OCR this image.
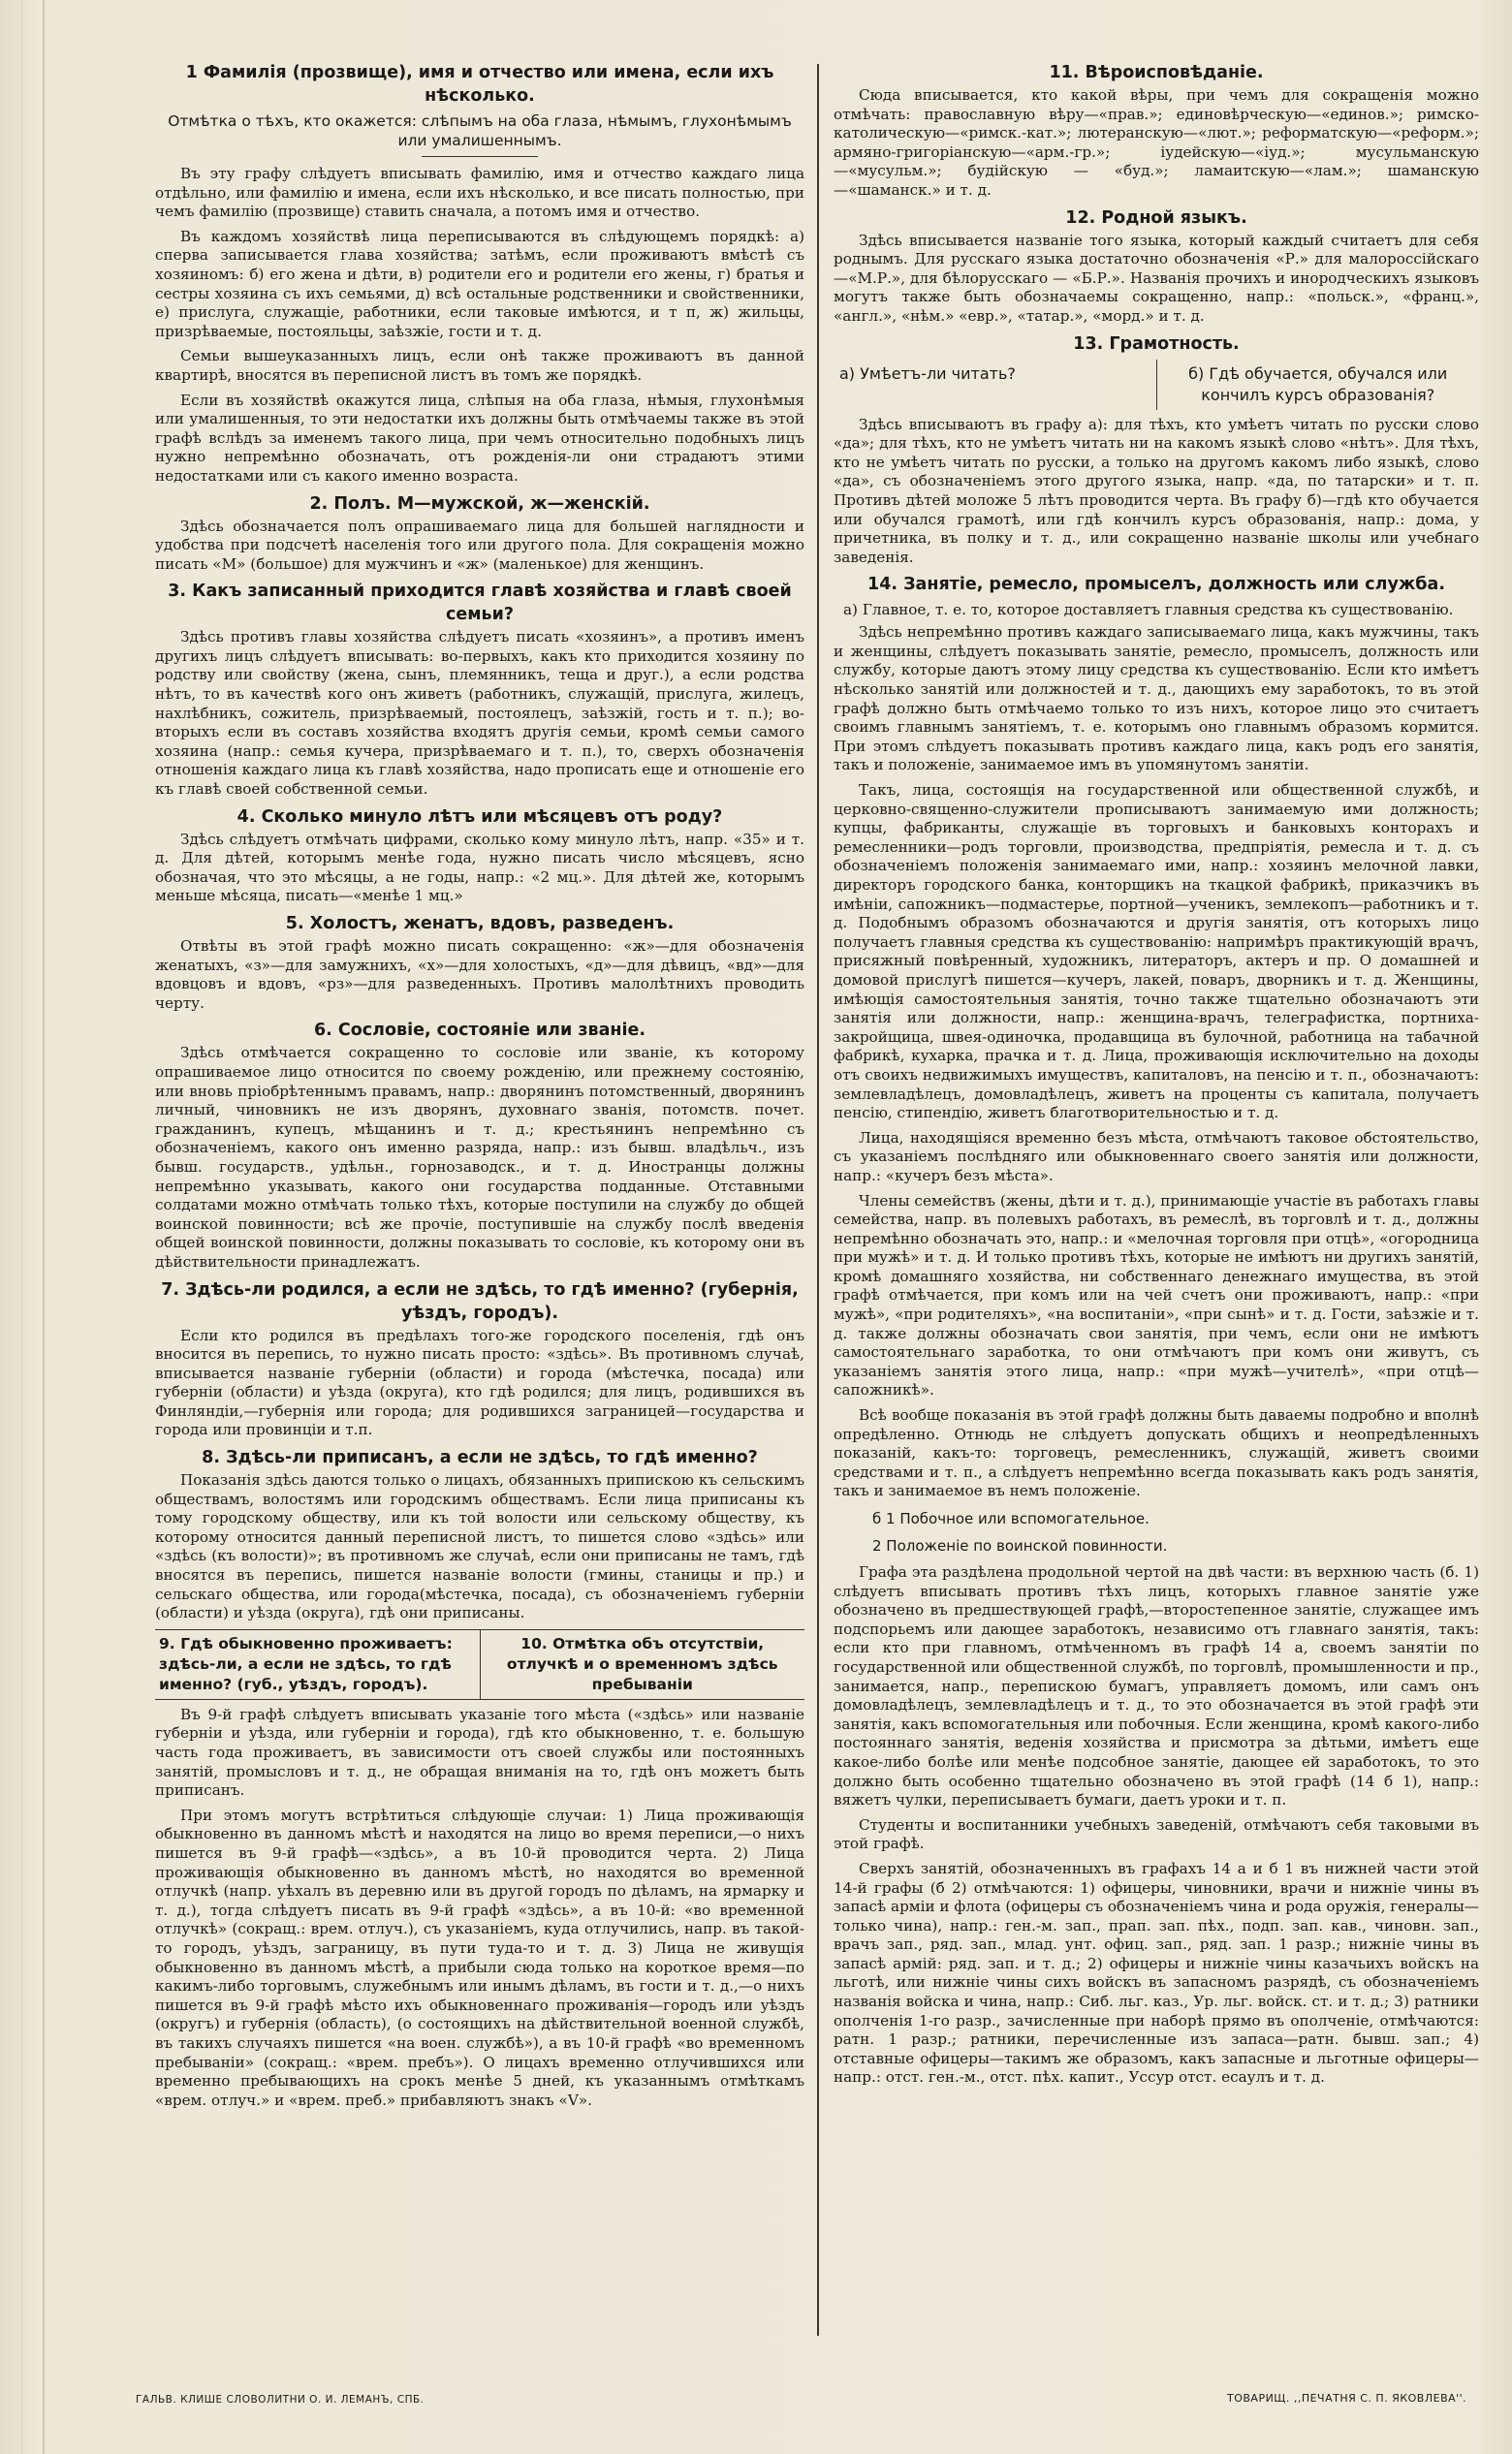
1 Фамилія (прозвище), имя и отчество или имена, если ихъ нѣсколько.
Отмѣтка о тѣхъ, кто окажется: слѣпымъ на оба глаза, нѣмымъ, глухонѣмымъ или умалишеннымъ.
Въ эту графу слѣдуетъ вписывать фамилію, имя и отчество каждаго лица отдѣльно, или фамилію и имена, если ихъ нѣсколько, и все писать полностью, при чемъ фамилію (прозвище) ставить сначала, а потомъ имя и отчество.
Въ каждомъ хозяйствѣ лица переписываются въ слѣдующемъ порядкѣ: а) сперва записывается глава хозяйства; затѣмъ, если проживаютъ вмѣстѣ съ хозяиномъ: б) его жена и дѣти, в) родители его и родители его жены, г) братья и сестры хозяина съ ихъ семьями, д) всѣ остальные родственники и свойственники, е) прислуга, служащіе, работники, если таковые имѣются, и т п, ж) жильцы, призрѣваемые, постояльцы, заѣзжіе, гости и т. д.
Семьи вышеуказанныхъ лицъ, если онѣ также проживаютъ въ данной квартирѣ, вносятся въ переписной листъ въ томъ же порядкѣ.
Если въ хозяйствѣ окажутся лица, слѣпыя на оба глаза, нѣмыя, глухонѣмыя или умалишенныя, то эти недостатки ихъ должны быть отмѣчаемы также въ этой графѣ вслѣдъ за именемъ такого лица, при чемъ относительно подобныхъ лицъ нужно непремѣнно обозначать, отъ рожденія-ли они страдаютъ этими недостатками или съ какого именно возраста.
2. Полъ. М—мужской, ж—женскій.
Здѣсь обозначается полъ опрашиваемаго лица для большей наглядности и удобства при подсчетѣ населенія того или другого пола. Для сокращенія можно писать «М» (большое) для мужчинъ и «ж» (маленькое) для женщинъ.
3. Какъ записанный приходится главѣ хозяйства и главѣ своей семьи?
Здѣсь противъ главы хозяйства слѣдуетъ писать «хозяинъ», а противъ именъ другихъ лицъ слѣдуетъ вписывать: во-первыхъ, какъ кто приходится хозяину по родству или свойству (жена, сынъ, племянникъ, теща и друг.), а если родства нѣтъ, то въ качествѣ кого онъ живетъ (работникъ, служащій, прислуга, жилецъ, нахлѣбникъ, сожитель, призрѣваемый, постоялецъ, заѣзжій, гость и т. п.); во-вторыхъ если въ составъ хозяйства входятъ другія семьи, кромѣ семьи самого хозяина (напр.: семья кучера, призрѣваемаго и т. п.), то, сверхъ обозначенія отношенія каждаго лица къ главѣ хозяйства, надо прописать еще и отношеніе его къ главѣ своей собственной семьи.
4. Сколько минуло лѣтъ или мѣсяцевъ отъ роду?
Здѣсь слѣдуетъ отмѣчать цифрами, сколько кому минуло лѣтъ, напр. «35» и т. д. Для дѣтей, которымъ менѣе года, нужно писать число мѣсяцевъ, ясно обозначая, что это мѣсяцы, а не годы, напр.: «2 мц.». Для дѣтей же, которымъ меньше мѣсяца, писать—«менѣе 1 мц.»
5. Холостъ, женатъ, вдовъ, разведенъ.
Отвѣты въ этой графѣ можно писать сокращенно: «ж»—для обозначенія женатыхъ, «з»—для замужнихъ, «х»—для холостыхъ, «д»—для дѣвицъ, «вд»—для вдовцовъ и вдовъ, «рз»—для разведенныхъ. Противъ малолѣтнихъ проводить черту.
6. Сословіе, состояніе или званіе.
Здѣсь отмѣчается сокращенно то сословіе или званіе, къ которому опрашиваемое лицо относится по своему рожденію, или прежнему состоянію, или вновь пріобрѣтеннымъ правамъ, напр.: дворянинъ потомственный, дворянинъ личный, чиновникъ не изъ дворянъ, духовнаго званія, потомств. почет. гражданинъ, купецъ, мѣщанинъ и т. д.; крестьянинъ непремѣнно съ обозначеніемъ, какого онъ именно разряда, напр.: изъ бывш. владѣльч., изъ бывш. государств., удѣльн., горнозаводск., и т. д. Иностранцы должны непремѣнно указывать, какого они государства подданные. Отставными солдатами можно отмѣчать только тѣхъ, которые поступили на службу до общей воинской повинности; всѣ же прочіе, поступившіе на службу послѣ введенія общей воинской повинности, должны показывать то сословіе, къ которому они въ дѣйствительности принадлежатъ.
7. Здѣсь-ли родился, а если не здѣсь, то гдѣ именно? (губернія, уѣздъ, городъ).
Если кто родился въ предѣлахъ того-же городского поселенія, гдѣ онъ вносится въ перепись, то нужно писать просто: «здѣсь». Въ противномъ случаѣ, вписывается названіе губерніи (области) и города (мѣстечка, посада) или губерніи (области) и уѣзда (округа), кто гдѣ родился; для лицъ, родившихся въ Финляндіи,—губернія или города; для родившихся заграницей—государства и города или провинціи и т.п.
8. Здѣсь-ли приписанъ, а если не здѣсь, то гдѣ именно?
Показанія здѣсь даются только о лицахъ, обязанныхъ припискою къ сельскимъ обществамъ, волостямъ или городскимъ обществамъ. Если лица приписаны къ тому городскому обществу, или къ той волости или сельскому обществу, къ которому относится данный переписной листъ, то пишется слово «здѣсь» или «здѣсь (къ волости)»; въ противномъ же случаѣ, если они приписаны не тамъ, гдѣ вносятся въ перепись, пишется названіе волости (гмины, станицы и пр.) и сельскаго общества, или города(мѣстечка, посада), съ обозначеніемъ губерніи (области) и уѣзда (округа), гдѣ они приписаны.
9. Гдѣ обыкновенно проживаетъ: здѣсь-ли, а если не здѣсь, то гдѣ именно? (губ., уѣздъ, городъ).
10. Отмѣтка объ отсутствіи, отлучкѣ и о временномъ здѣсь пребываніи
Въ 9-й графѣ слѣдуетъ вписывать указаніе того мѣста («здѣсь» или названіе губерніи и уѣзда, или губерніи и города), гдѣ кто обыкновенно, т. е. большую часть года проживаетъ, въ зависимости отъ своей службы или постоянныхъ занятій, промысловъ и т. д., не обращая вниманія на то, гдѣ онъ можетъ быть приписанъ.
При этомъ могутъ встрѣтиться слѣдующіе случаи: 1) Лица проживающія обыкновенно въ данномъ мѣстѣ и находятся на лицо во время переписи,—о нихъ пишется въ 9-й графѣ—«здѣсь», а въ 10-й проводится черта. 2) Лица проживающія обыкновенно въ данномъ мѣстѣ, но находятся во временной отлучкѣ (напр. уѣхалъ въ деревню или въ другой городъ по дѣламъ, на ярмарку и т. д.), тогда слѣдуетъ писать въ 9-й графѣ «здѣсь», а въ 10-й: «во временной отлучкѣ» (сокращ.: врем. отлуч.), съ указаніемъ, куда отлучились, напр. въ такой-то городъ, уѣздъ, заграницу, въ пути туда-то и т. д. 3) Лица не живущія обыкновенно въ данномъ мѣстѣ, а прибыли сюда только на короткое время—по какимъ-либо торговымъ, служебнымъ или инымъ дѣламъ, въ гости и т. д.,—о нихъ пишется въ 9-й графѣ мѣсто ихъ обыкновеннаго проживанія—городъ или уѣздъ (округъ) и губернія (область), (о состоящихъ на дѣйствительной военной службѣ, въ такихъ случаяхъ пишется «на воен. службѣ»), а въ 10-й графѣ «во временномъ пребываніи» (сокращ.: «врем. пребъ»). О лицахъ временно отлучившихся или временно пребывающихъ на срокъ менѣе 5 дней, къ указаннымъ отмѣткамъ «врем. отлуч.» и «врем. преб.» прибавляютъ знакъ «V».
11. Вѣроисповѣданіе.
Сюда вписывается, кто какой вѣры, при чемъ для сокращенія можно отмѣчать: православную вѣру—«прав.»; единовѣрческую—«единов.»; римско-католическую—«римск.-кат.»; лютеранскую—«лют.»; реформатскую—«реформ.»; армяно-григоріанскую—«арм.-гр.»; іудейскую—«іуд.»; мусульманскую—«мусульм.»; будійскую — «буд.»; ламаитскую—«лам.»; шаманскую—«шаманск.» и т. д.
12. Родной языкъ.
Здѣсь вписывается названіе того языка, который каждый считаетъ для себя роднымъ. Для русскаго языка достаточно обозначенія «Р.» для малороссійскаго—«М.Р.», для бѣлорусскаго — «Б.Р.». Названія прочихъ и инородческихъ языковъ могутъ также быть обозначаемы сокращенно, напр.: «польск.», «франц.», «англ.», «нѣм.» «евр.», «татар.», «морд.» и т. д.
13. Грамотность.
а) Умѣетъ-ли читать?	б) Гдѣ обучается, обучался или кончилъ курсъ образованія?
Здѣсь вписываютъ въ графу а): для тѣхъ, кто умѣетъ читать по русски слово «да»; для тѣхъ, кто не умѣетъ читать ни на какомъ языкѣ слово «нѣтъ». Для тѣхъ, кто не умѣетъ читать по русски, а только на другомъ какомъ либо языкѣ, слово «да», съ обозначеніемъ этого другого языка, напр. «да, по татарски» и т. п. Противъ дѣтей моложе 5 лѣтъ проводится черта. Въ графу б)—гдѣ кто обучается или обучался грамотѣ, или гдѣ кончилъ курсъ образованія, напр.: дома, у причетника, въ полку и т. д., или сокращенно названіе школы или учебнаго заведенія.
14. Занятіе, ремесло, промыселъ, должность или служба.
а) Главное, т. е. то, которое доставляетъ главныя средства къ существованію.
Здѣсь непремѣнно противъ каждаго записываемаго лица, какъ мужчины, такъ и женщины, слѣдуетъ показывать занятіе, ремесло, промыселъ, должность или службу, которые даютъ этому лицу средства къ существованію. Если кто имѣетъ нѣсколько занятій или должностей и т. д., дающихъ ему заработокъ, то въ этой графѣ должно быть отмѣчаемо только то изъ нихъ, которое лицо это считаетъ своимъ главнымъ занятіемъ, т. е. которымъ оно главнымъ образомъ кормится. При этомъ слѣдуетъ показывать противъ каждаго лица, какъ родъ его занятія, такъ и положеніе, занимаемое имъ въ упомянутомъ занятіи.
Такъ, лица, состоящія на государственной или общественной службѣ, и церковно-священно-служители прописываютъ занимаемую ими должность; купцы, фабриканты, служащіе въ торговыхъ и банковыхъ конторахъ и ремесленники—родъ торговли, производства, предпріятія, ремесла и т. д. съ обозначеніемъ положенія занимаемаго ими, напр.: хозяинъ мелочной лавки, директоръ городского банка, конторщикъ на ткацкой фабрикѣ, приказчикъ въ имѣніи, сапожникъ—подмастерье, портной—ученикъ, землекопъ—работникъ и т. д. Подобнымъ образомъ обозначаются и другія занятія, отъ которыхъ лицо получаетъ главныя средства къ существованію: напримѣръ практикующій врачъ, присяжный повѣренный, художникъ, литераторъ, актеръ и пр. О домашней и домовой прислугѣ пишется—кучеръ, лакей, поваръ, дворникъ и т. д. Женщины, имѣющія самостоятельныя занятія, точно также тщательно обозначаютъ эти занятія или должности, напр.: женщина-врачъ, телеграфистка, портниха-закройщица, швея-одиночка, продавщица въ булочной, работница на табачной фабрикѣ, кухарка, прачка и т. д. Лица, проживающія исключительно на доходы отъ своихъ недвижимыхъ имуществъ, капиталовъ, на пенсію и т. п., обозначаютъ: землевладѣлецъ, домовладѣлецъ, живетъ на проценты съ капитала, получаетъ пенсію, стипендію, живетъ благотворительностью и т. д.
Лица, находящіяся временно безъ мѣста, отмѣчаютъ таковое обстоятельство, съ указаніемъ послѣдняго или обыкновеннаго своего занятія или должности, напр.: «кучеръ безъ мѣста».
Члены семействъ (жены, дѣти и т. д.), принимающіе участіе въ работахъ главы семейства, напр. въ полевыхъ работахъ, въ ремеслѣ, въ торговлѣ и т. д., должны непремѣнно обозначать это, напр.: и «мелочная торговля при отцѣ», «огородница при мужѣ» и т. д. И только противъ тѣхъ, которые не имѣютъ ни другихъ занятій, кромѣ домашняго хозяйства, ни собственнаго денежнаго имущества, въ этой графѣ отмѣчается, при комъ или на чей счетъ они проживаютъ, напр.: «при мужѣ», «при родителяхъ», «на воспитаніи», «при сынѣ» и т. д. Гости, заѣзжіе и т. д. также должны обозначать свои занятія, при чемъ, если они не имѣютъ самостоятельнаго заработка, то они отмѣчаютъ при комъ они живутъ, съ указаніемъ занятія этого лица, напр.: «при мужѣ—учителѣ», «при отцѣ—сапожникѣ».
Всѣ вообще показанія въ этой графѣ должны быть даваемы подробно и вполнѣ опредѣленно. Отнюдь не слѣдуетъ допускать общихъ и неопредѣленныхъ показаній, какъ-то: торговецъ, ремесленникъ, служащій, живетъ своими средствами и т. п., а слѣдуетъ непремѣнно всегда показывать какъ родъ занятія, такъ и занимаемое въ немъ положеніе.
б 1 Побочное или вспомогательное.
2 Положеніе по воинской повинности.
Графа эта раздѣлена продольной чертой на двѣ части: въ верхнюю часть (б. 1) слѣдуетъ вписывать противъ тѣхъ лицъ, которыхъ главное занятіе уже обозначено въ предшествующей графѣ,—второстепенное занятіе, служащее имъ подспорьемъ или дающее заработокъ, независимо отъ главнаго занятія, такъ: если кто при главномъ, отмѣченномъ въ графѣ 14 а, своемъ занятіи по государственной или общественной службѣ, по торговлѣ, промышленности и пр., занимается, напр., перепискою бумагъ, управляетъ домомъ, или самъ онъ домовладѣлецъ, землевладѣлецъ и т. д., то это обозначается въ этой графѣ эти занятія, какъ вспомогательныя или побочныя. Если женщина, кромѣ какого-либо постояннаго занятія, веденія хозяйства и присмотра за дѣтьми, имѣетъ еще какое-либо болѣе или менѣе подсобное занятіе, дающее ей заработокъ, то это должно быть особенно тщательно обозначено въ этой графѣ (14 б 1), напр.: вяжетъ чулки, переписываетъ бумаги, даетъ уроки и т. п.
Студенты и воспитанники учебныхъ заведеній, отмѣчаютъ себя таковыми въ этой графѣ.
Сверхъ занятій, обозначенныхъ въ графахъ 14 а и б 1 въ нижней части этой 14-й графы (б 2) отмѣчаются: 1) офицеры, чиновники, врачи и нижніе чины въ запасѣ арміи и флота (офицеры съ обозначеніемъ чина и рода оружія, генералы—только чина), напр.: ген.-м. зап., прап. зап. пѣх., подп. зап. кав., чиновн. зап., врачъ зап., ряд. зап., млад. унт. офиц. зап., ряд. зап. 1 разр.; нижніе чины въ запасѣ армій: ряд. зап. и т. д.; 2) офицеры и нижніе чины казачьихъ войскъ на льготѣ, или нижніе чины сихъ войскъ въ запасномъ разрядѣ, съ обозначеніемъ названія войска и чина, напр.: Сиб. льг. каз., Ур. льг. войск. ст. и т. д.; 3) ратники ополченія 1-го разр., зачисленные при наборѣ прямо въ ополченіе, отмѣчаются: ратн. 1 разр.; ратники, перечисленные изъ запаса—ратн. бывш. зап.; 4) отставные офицеры—такимъ же образомъ, какъ запасные и льготные офицеры—напр.: отст. ген.-м., отст. пѣх. капит., Уссур отст. есаулъ и т. д.
ГАЛЬВ. КЛИШЕ СЛОВОЛИТНИ О. И. ЛЕМАНЪ, СПБ.	ТОВАРИЩ. ,,ПЕЧАТНЯ С. П. ЯКОВЛЕВА''.
